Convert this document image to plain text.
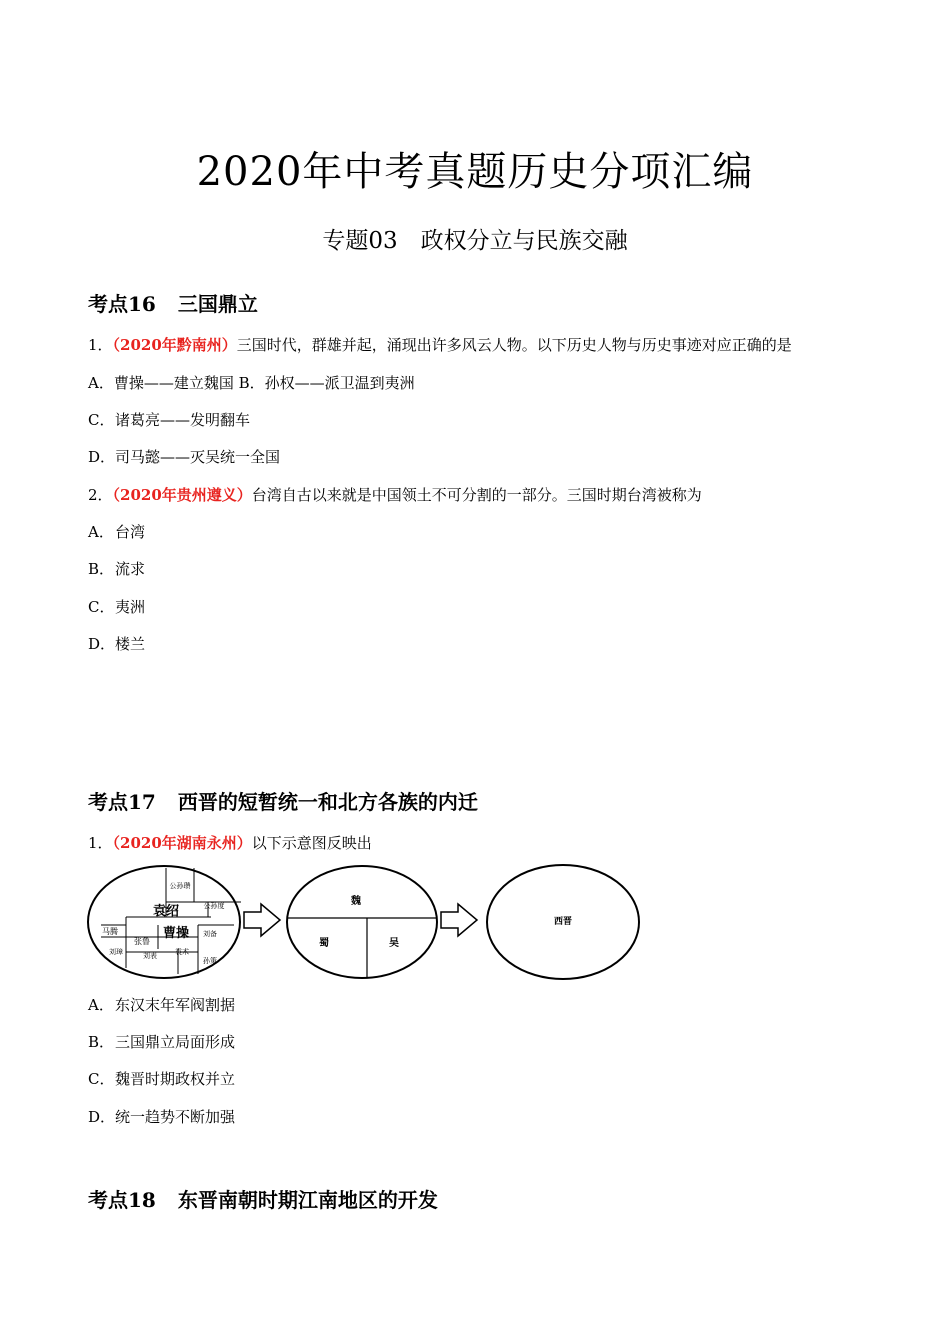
2020年中考真题历史分项汇编
专题03　政权分立与民族交融
考点16 三国鼎立
1．（2020年黔南州）三国时代，群雄并起，涌现出许多风云人物。以下历史人物与历史事迹对应正确的是
A．曹操——建立魏国 B．孙权——派卫温到夷洲
C．诸葛亮——发明翻车
D．司马懿——灭吴统一全国
2．（2020年贵州遵义）台湾自古以来就是中国领土不可分割的一部分。三国时期台湾被称为
A．台湾
B．流求
C．夷洲
D．楼兰
考点17 西晋的短暂统一和北方各族的内迁
1．（2020年湖南永州）以下示意图反映出
公孙瓒
公孙度
袁绍
曹操
马腾
张鲁
刘备
刘璋	刘表	袁术
孙策
魏
蜀	吴
西晋
A．东汉末年军阀割据
B．三国鼎立局面形成
C．魏晋时期政权并立
D．统一趋势不断加强
考点18 东晋南朝时期江南地区的开发
